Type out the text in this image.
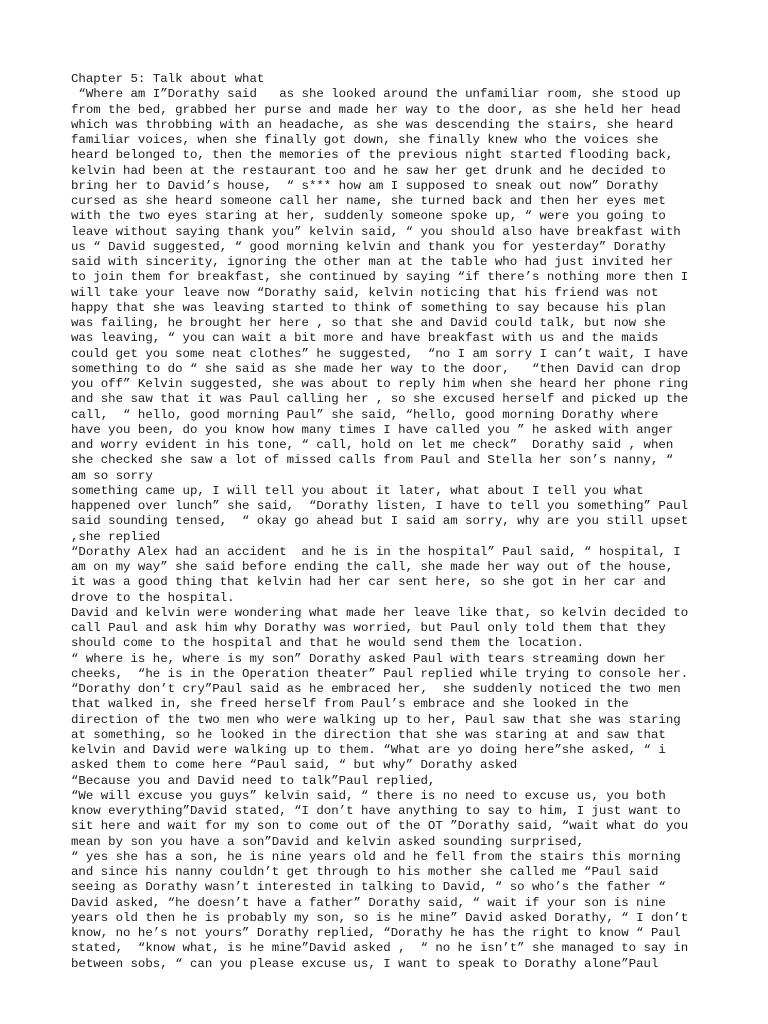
Chapter 5: Talk about what
“Where am I”Dorathy said   as she looked around the unfamiliar room, she stood up
from the bed, grabbed her purse and made her way to the door, as she held her head
which was throbbing with an headache, as she was descending the stairs, she heard
familiar voices, when she finally got down, she finally knew who the voices she
heard belonged to, then the memories of the previous night started flooding back,
kelvin had been at the restaurant too and he saw her get drunk and he decided to
bring her to David’s house,  “ s*** how am I supposed to sneak out now” Dorathy
cursed as she heard someone call her name, she turned back and then her eyes met
with the two eyes staring at her, suddenly someone spoke up, “ were you going to
leave without saying thank you” kelvin said, “ you should also have breakfast with
us “ David suggested, “ good morning kelvin and thank you for yesterday” Dorathy
said with sincerity, ignoring the other man at the table who had just invited her
to join them for breakfast, she continued by saying “if there’s nothing more then I
will take your leave now “Dorathy said, kelvin noticing that his friend was not
happy that she was leaving started to think of something to say because his plan
was failing, he brought her here , so that she and David could talk, but now she
was leaving, “ you can wait a bit more and have breakfast with us and the maids
could get you some neat clothes” he suggested,  “no I am sorry I can’t wait, I have
something to do “ she said as she made her way to the door,   “then David can drop
you off” Kelvin suggested, she was about to reply him when she heard her phone ring
and she saw that it was Paul calling her , so she excused herself and picked up the
call,  “ hello, good morning Paul” she said, “hello, good morning Dorathy where
have you been, do you know how many times I have called you ” he asked with anger
and worry evident in his tone, “ call, hold on let me check”  Dorathy said , when
she checked she saw a lot of missed calls from Paul and Stella her son’s nanny, “
am so sorry
something came up, I will tell you about it later, what about I tell you what
happened over lunch” she said,  “Dorathy listen, I have to tell you something” Paul
said sounding tensed,  “ okay go ahead but I said am sorry, why are you still upset
,she replied
“Dorathy Alex had an accident  and he is in the hospital” Paul said, “ hospital, I
am on my way” she said before ending the call, she made her way out of the house,
it was a good thing that kelvin had her car sent here, so she got in her car and
drove to the hospital.
David and kelvin were wondering what made her leave like that, so kelvin decided to
call Paul and ask him why Dorathy was worried, but Paul only told them that they
should come to the hospital and that he would send them the location.
“ where is he, where is my son” Dorathy asked Paul with tears streaming down her
cheeks,  “he is in the Operation theater” Paul replied while trying to console her.
“Dorathy don’t cry”Paul said as he embraced her,  she suddenly noticed the two men
that walked in, she freed herself from Paul’s embrace and she looked in the
direction of the two men who were walking up to her, Paul saw that she was staring
at something, so he looked in the direction that she was staring at and saw that
kelvin and David were walking up to them. “What are yo doing here”she asked, “ i
asked them to come here “Paul said, “ but why” Dorathy asked
“Because you and David need to talk”Paul replied,
“We will excuse you guys” kelvin said, “ there is no need to excuse us, you both
know everything”David stated, “I don’t have anything to say to him, I just want to
sit here and wait for my son to come out of the OT ”Dorathy said, “wait what do you
mean by son you have a son”David and kelvin asked sounding surprised,
“ yes she has a son, he is nine years old and he fell from the stairs this morning
and since his nanny couldn’t get through to his mother she called me “Paul said
seeing as Dorathy wasn’t interested in talking to David, “ so who’s the father “
David asked, “he doesn’t have a father” Dorathy said, “ wait if your son is nine
years old then he is probably my son, so is he mine” David asked Dorathy, “ I don’t
know, no he’s not yours” Dorathy replied, “Dorathy he has the right to know “ Paul
stated,  “know what, is he mine”David asked ,  “ no he isn’t” she managed to say in
between sobs, “ can you please excuse us, I want to speak to Dorathy alone”Paul
